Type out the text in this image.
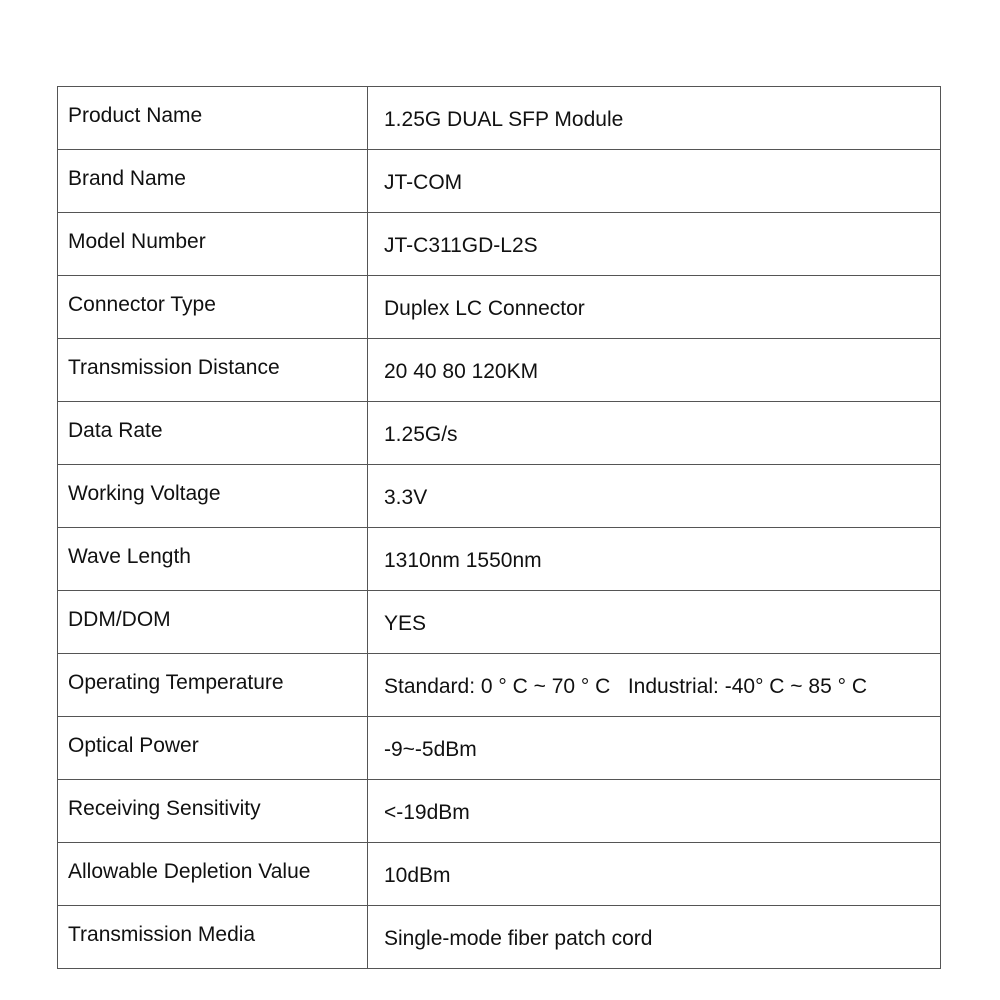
Product Name	1.25G DUAL SFP Module
Brand Name	JT-COM
Model Number	JT-C311GD-L2S
Connector Type	Duplex LC Connector
Transmission Distance	20 40 80 120KM
Data Rate	1.25G/s
Working Voltage	3.3V
Wave Length	1310nm 1550nm
DDM/DOM	YES
Operating Temperature	Standard: 0 ° C ~ 70 ° C   Industrial: -40° C ~ 85 ° C
Optical Power	-9~-5dBm
Receiving Sensitivity	<-19dBm
Allowable Depletion Value	10dBm
Transmission Media	Single-mode fiber patch cord
